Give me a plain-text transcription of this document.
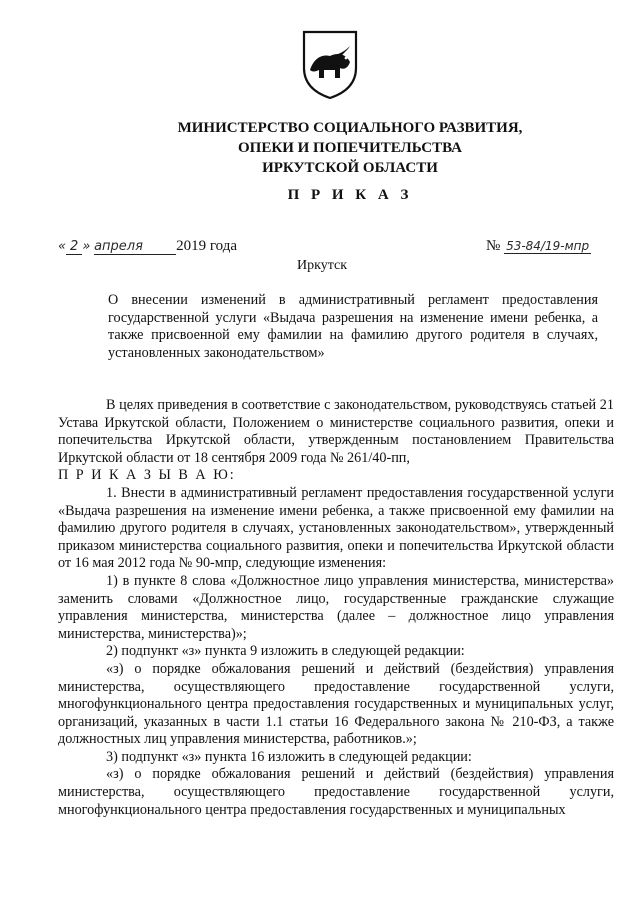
МИНИСТЕРСТВО СОЦИАЛЬНОГО РАЗВИТИЯ,
ОПЕКИ И ПОПЕЧИТЕЛЬСТВА
ИРКУТСКОЙ ОБЛАСТИ
П Р И К А З
« 2 » апреля 2019 года	№ 53-84/19-мпр
Иркутск
О внесении изменений в административный регламент предоставления государственной услуги «Выдача разрешения на изменение имени ребенка, а также присвоенной ему фамилии на фамилию другого родителя в случаях, установленных законодательством»

В целях приведения в соответствие с законодательством, руководствуясь статьей 21 Устава Иркутской области, Положением о министерстве социального развития, опеки и попечительства Иркутской области, утвержденным постановлением Правительства Иркутской области от 18 сентября 2009 года № 261/40-пп,

П Р И К А З Ы В А Ю:

1. Внести в административный регламент предоставления государственной услуги «Выдача разрешения на изменение имени ребенка, а также присвоенной ему фамилии на фамилию другого родителя в случаях, установленных законодательством», утвержденный приказом министерства социального развития, опеки и попечительства Иркутской области от 16 мая 2012 года № 90-мпр, следующие изменения:

1) в пункте 8 слова «Должностное лицо управления министерства, министерства» заменить словами «Должностное лицо, государственные гражданские служащие управления министерства, министерства (далее – должностное лицо управления министерства, министерства)»;

2) подпункт «з» пункта 9 изложить в следующей редакции:

«з) о порядке обжалования решений и действий (бездействия) управления министерства, осуществляющего предоставление государственной услуги, многофункционального центра предоставления государственных и муниципальных услуг, организаций, указанных в части 1.1 статьи 16 Федерального закона № 210-ФЗ, а также должностных лиц управления министерства, работников.»;

3) подпункт «з» пункта 16 изложить в следующей редакции:

«з) о порядке обжалования решений и действий (бездействия) управления министерства, осуществляющего предоставление государственной услуги, многофункционального центра предоставления государственных и муниципальных
